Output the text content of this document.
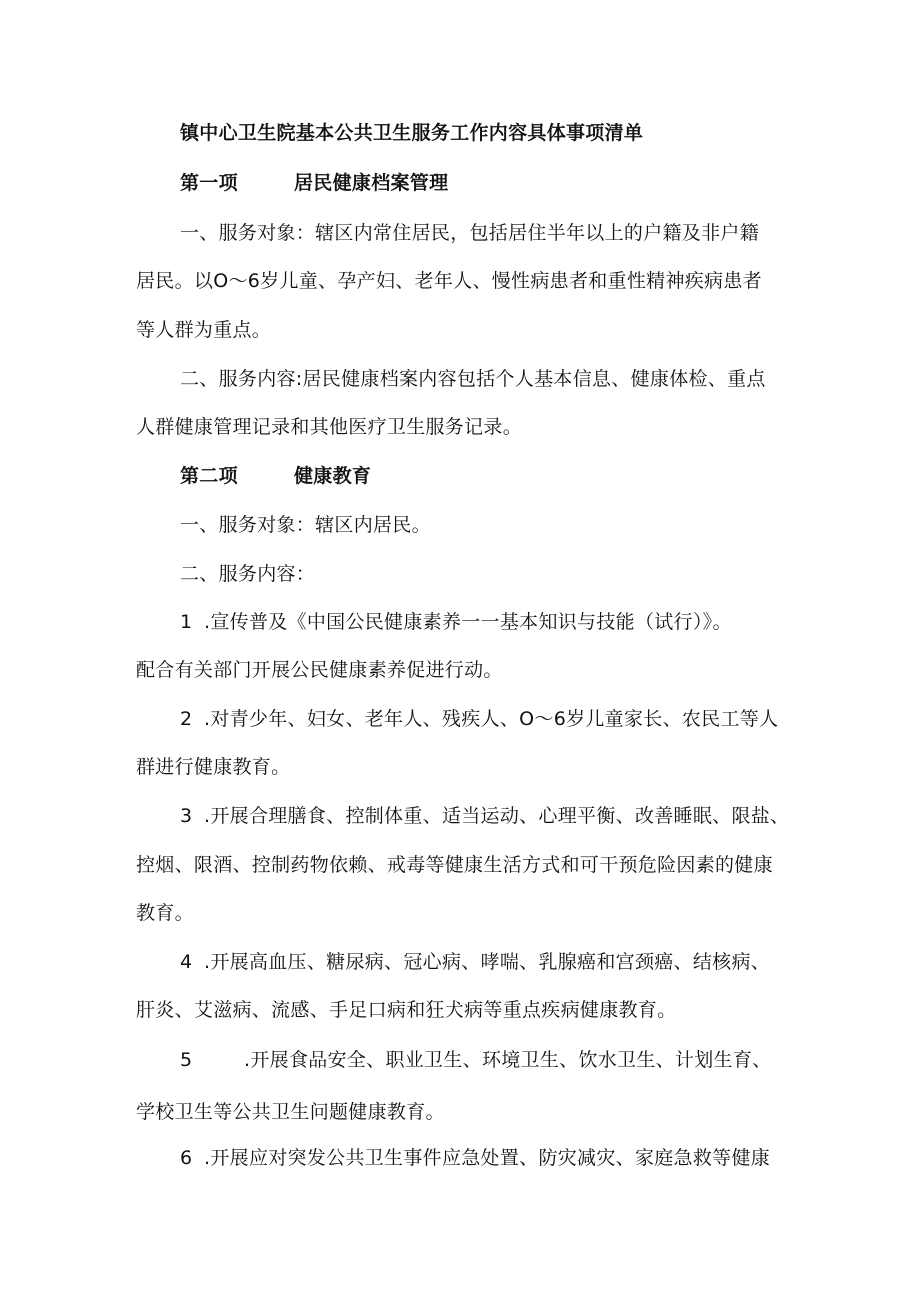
镇中心卫生院基本公共卫生服务工作内容具体事项清单
第一项	居民健康档案管理
一、服务对象：辖区内常住居民，包括居住半年以上的户籍及非户籍
居民。以O〜6岁儿童、孕产妇、老年人、慢性病患者和重性精神疾病患者
等人群为重点。
二、服务内容:居民健康档案内容包括个人基本信息、健康体检、重点
人群健康管理记录和其他医疗卫生服务记录。
第二项	健康教育
一、服务对象：辖区内居民。
二、服务内容：
1 .宣传普及《中国公民健康素养一一基本知识与技能（试行）》。
配合有关部门开展公民健康素养促进行动。
2 .对青少年、妇女、老年人、残疾人、O〜6岁儿童家长、农民工等人
群进行健康教育。
3 .开展合理膳食、控制体重、适当运动、心理平衡、改善睡眠、限盐、
控烟、限酒、控制药物依赖、戒毒等健康生活方式和可干预危险因素的健康
教育。
4 .开展高血压、糖尿病、冠心病、哮喘、乳腺癌和宫颈癌、结核病、
肝炎、艾滋病、流感、手足口病和狂犬病等重点疾病健康教育。
5	.开展食品安全、职业卫生、环境卫生、饮水卫生、计划生育、
学校卫生等公共卫生问题健康教育。
6 .开展应对突发公共卫生事件应急处置、防灾减灾、家庭急救等健康
